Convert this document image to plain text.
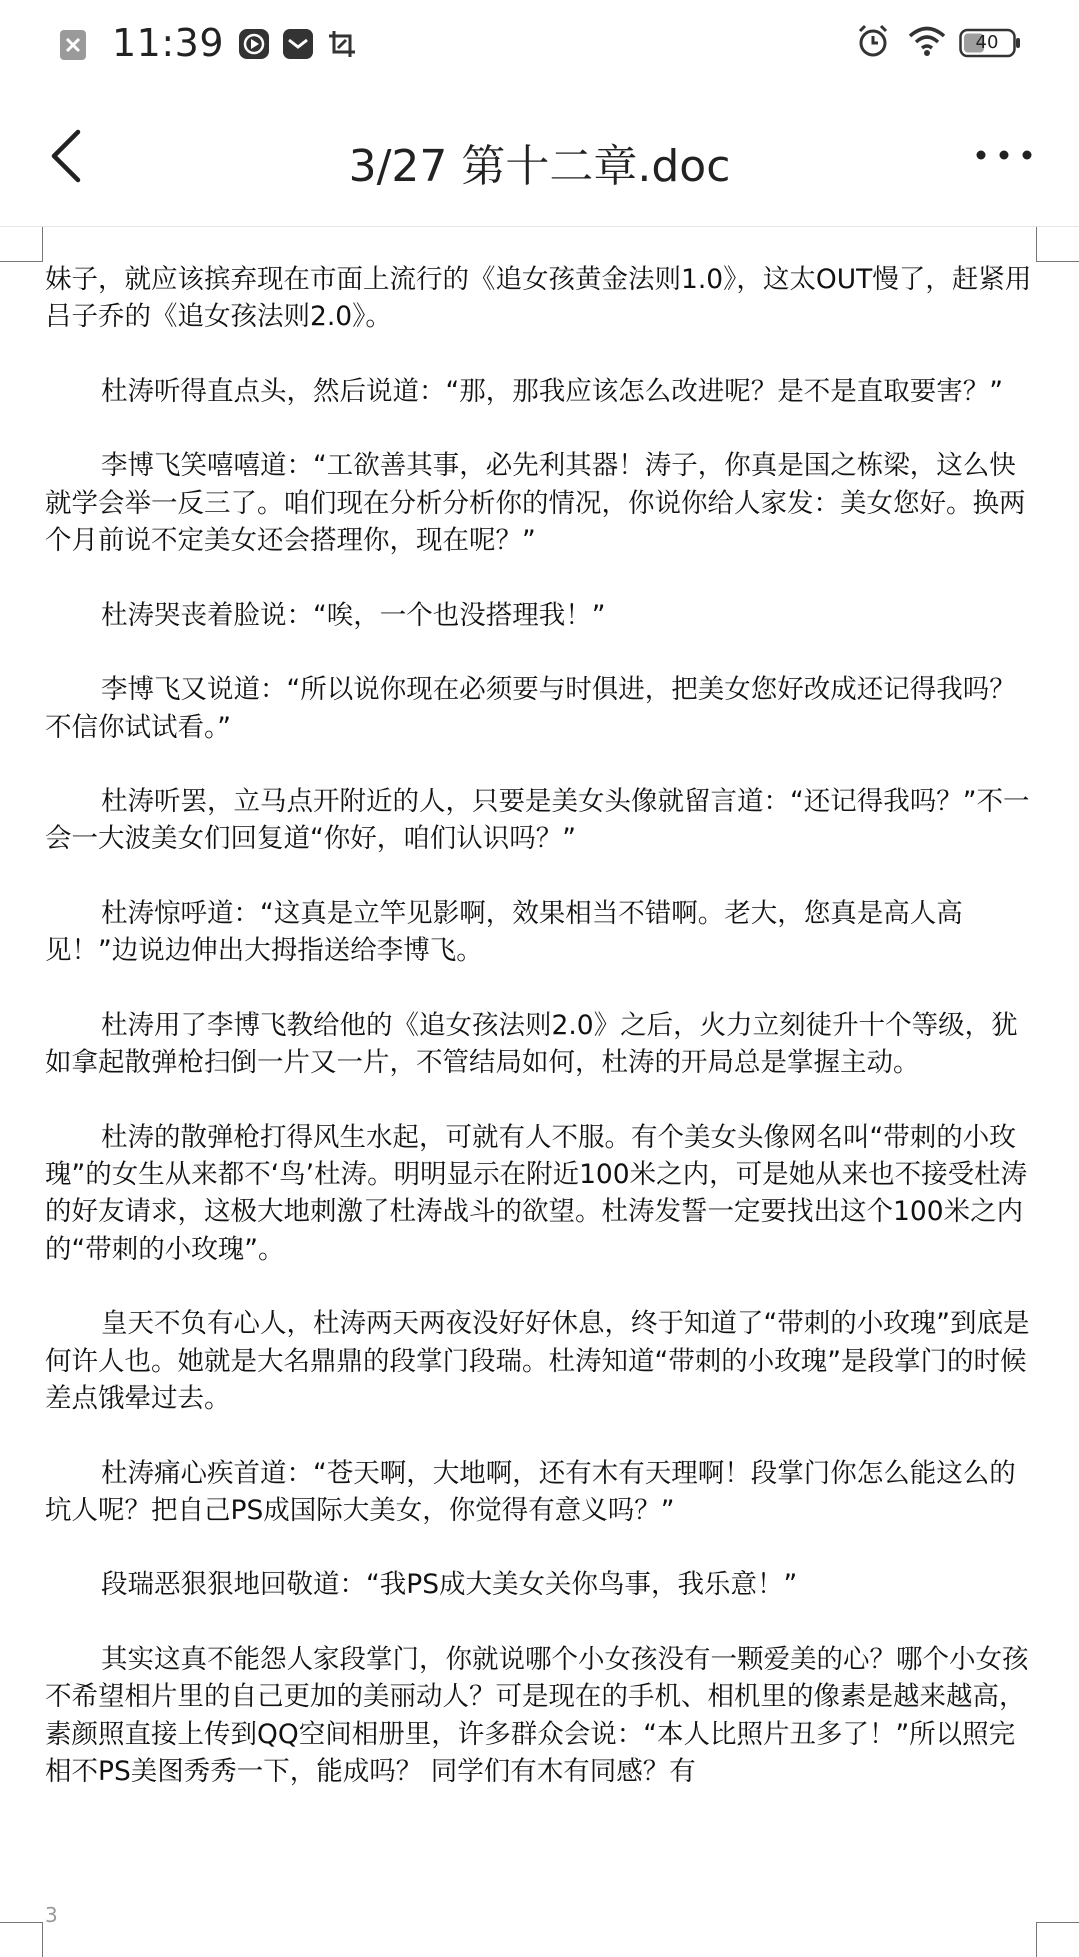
11:39	40
3/27 第十二章.doc

妹子，就应该摈弃现在市面上流行的《追女孩黄金法则1.0》，这太OUT慢了，赶紧用吕子乔的《追女孩法则2.0》。

杜涛听得直点头，然后说道：“那，那我应该怎么改进呢？是不是直取要害？”

李博飞笑嘻嘻道：“工欲善其事，必先利其器！涛子，你真是国之栋梁，这么快就学会举一反三了。咱们现在分析分析你的情况，你说你给人家发：美女您好。换两个月前说不定美女还会搭理你，现在呢？”

杜涛哭丧着脸说：“唉，一个也没搭理我！”

李博飞又说道：“所以说你现在必须要与时俱进，把美女您好改成还记得我吗？不信你试试看。”

杜涛听罢，立马点开附近的人，只要是美女头像就留言道：“还记得我吗？”不一会一大波美女们回复道“你好，咱们认识吗？”

杜涛惊呼道：“这真是立竿见影啊，效果相当不错啊。老大，您真是高人高见！”边说边伸出大拇指送给李博飞。

杜涛用了李博飞教给他的《追女孩法则2.0》之后，火力立刻徒升十个等级，犹如拿起散弹枪扫倒一片又一片，不管结局如何，杜涛的开局总是掌握主动。

杜涛的散弹枪打得风生水起，可就有人不服。有个美女头像网名叫“带刺的小玫瑰”的女生从来都不‘鸟’杜涛。明明显示在附近100米之内，可是她从来也不接受杜涛的好友请求，这极大地刺激了杜涛战斗的欲望。杜涛发誓一定要找出这个100米之内的“带刺的小玫瑰”。

皇天不负有心人，杜涛两天两夜没好好休息，终于知道了“带刺的小玫瑰”到底是何许人也。她就是大名鼎鼎的段掌门段瑞。杜涛知道“带刺的小玫瑰”是段掌门的时候差点饿晕过去。

杜涛痛心疾首道：“苍天啊，大地啊，还有木有天理啊！段掌门你怎么能这么的坑人呢？把自己PS成国际大美女，你觉得有意义吗？”

段瑞恶狠狠地回敬道：“我PS成大美女关你鸟事，我乐意！”

其实这真不能怨人家段掌门，你就说哪个小女孩没有一颗爱美的心？哪个小女孩不希望相片里的自己更加的美丽动人？可是现在的手机、相机里的像素是越来越高，素颜照直接上传到QQ空间相册里，许多群众会说：“本人比照片丑多了！”所以照完相不PS美图秀秀一下，能成吗？ 同学们有木有同感？有

3
